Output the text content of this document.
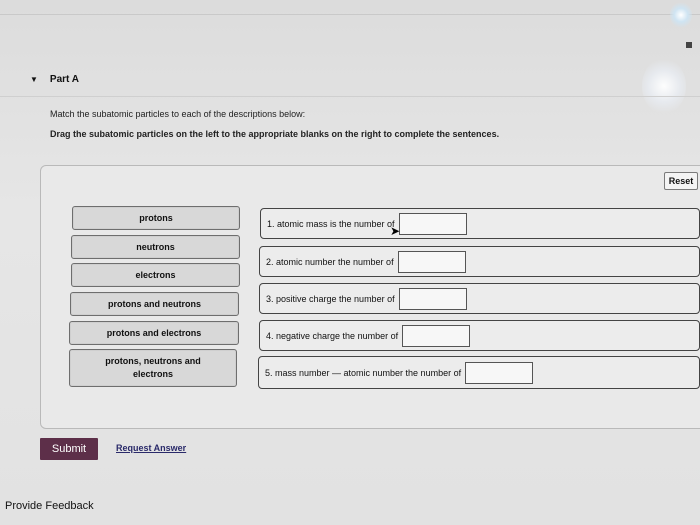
▼ Part A
Match the subatomic particles to each of the descriptions below:
Drag the subatomic particles on the left to the appropriate blanks on the right to complete the sentences.
Reset
protons
neutrons
electrons
protons and neutrons
protons and electrons
protons, neutrons and electrons
1. atomic mass is the number of
2. atomic number the number of
3. positive charge the number of
4. negative charge the number of
5. mass number — atomic number the number of
➤
Submit	Request Answer
Provide Feedback
